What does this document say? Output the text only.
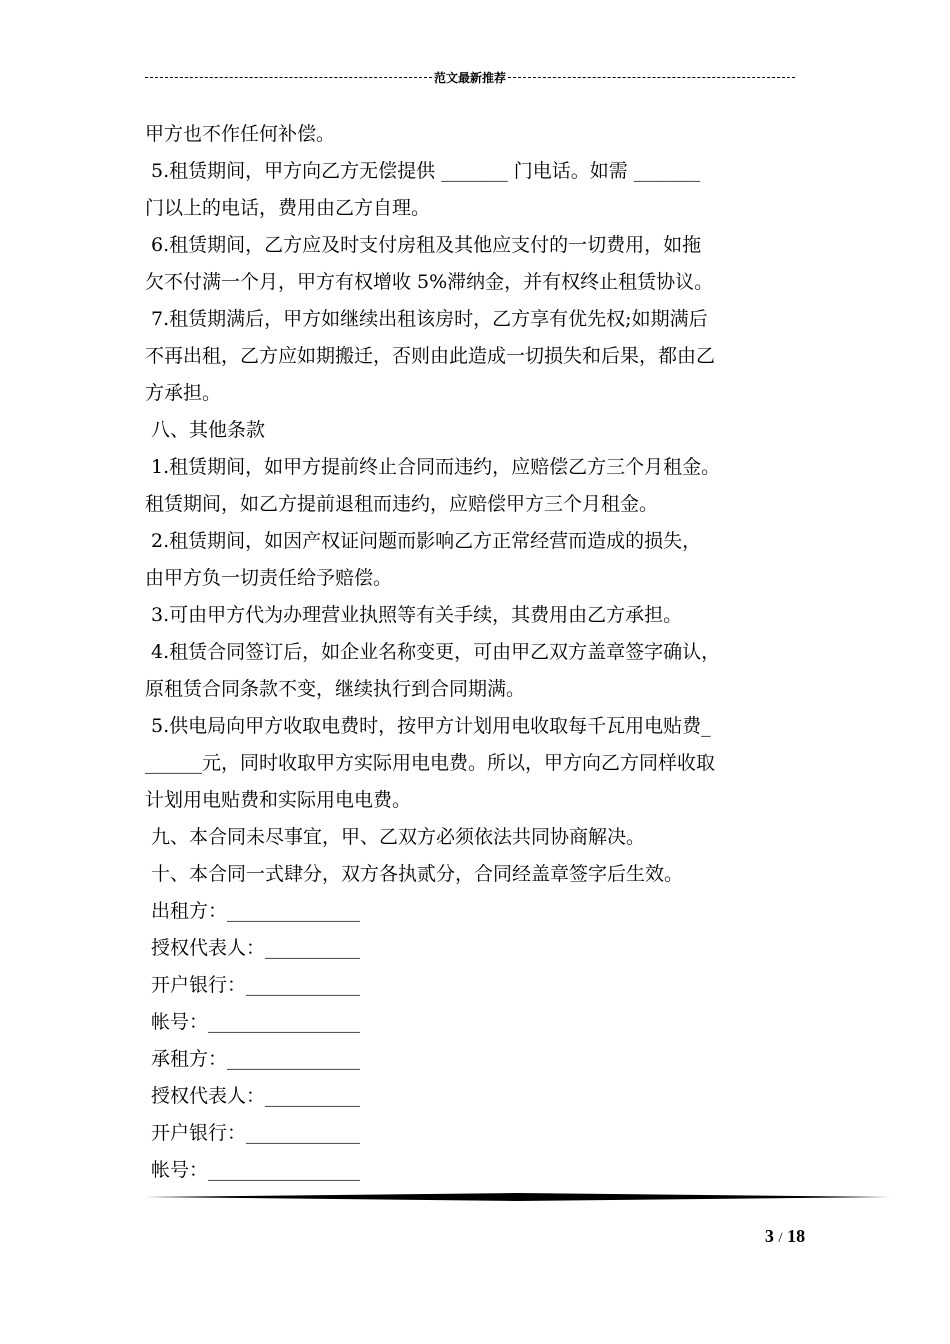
范文最新推荐

甲方也不作任何补偿。

5.租赁期间，甲方向乙方无偿提供 _______ 门电话。如需 _______

门以上的电话，费用由乙方自理。

6.租赁期间，乙方应及时支付房租及其他应支付的一切费用，如拖

欠不付满一个月，甲方有权增收 5%滞纳金，并有权终止租赁协议。

7.租赁期满后，甲方如继续出租该房时，乙方享有优先权;如期满后

不再出租，乙方应如期搬迁，否则由此造成一切损失和后果，都由乙

方承担。

八、其他条款

1.租赁期间，如甲方提前终止合同而违约，应赔偿乙方三个月租金。

租赁期间，如乙方提前退租而违约，应赔偿甲方三个月租金。

2.租赁期间，如因产权证问题而影响乙方正常经营而造成的损失，

由甲方负一切责任给予赔偿。

3.可由甲方代为办理营业执照等有关手续，其费用由乙方承担。

4.租赁合同签订后，如企业名称变更，可由甲乙双方盖章签字确认，

原租赁合同条款不变，继续执行到合同期满。

5.供电局向甲方收取电费时，按甲方计划用电收取每千瓦用电贴费_

______元，同时收取甲方实际用电电费。所以，甲方向乙方同样收取

计划用电贴费和实际用电电费。

九、本合同未尽事宜，甲、乙双方必须依法共同协商解决。

十、本合同一式肆分，双方各执贰分，合同经盖章签字后生效。

出租方：______________

授权代表人：__________

开户银行：____________

帐号：________________

承租方：______________

授权代表人：__________

开户银行：____________

帐号：________________

3 / 18
